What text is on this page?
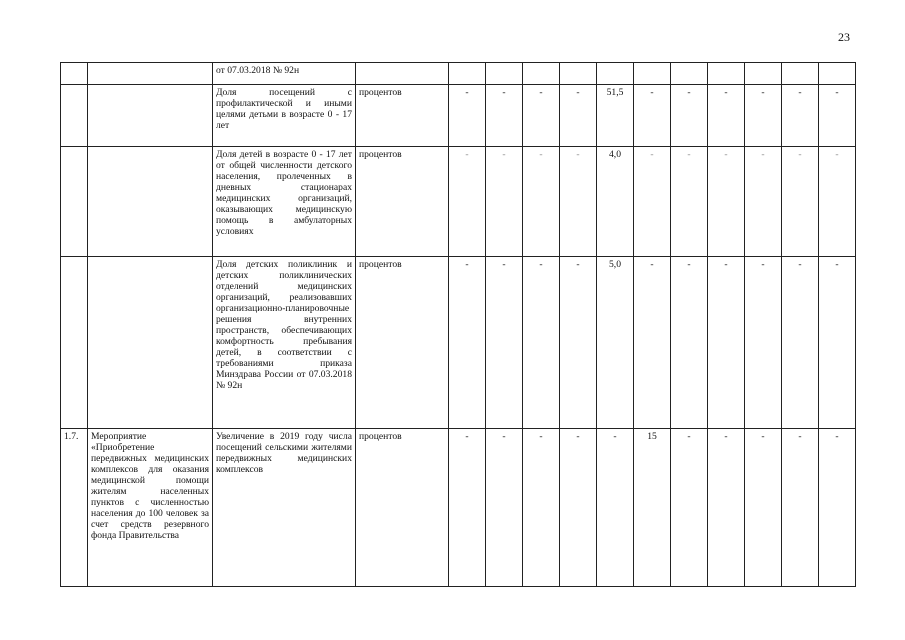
23
		от 07.03.2018 № 92н												
		Доля посещений с профилактической и иными целями детьми в возрасте 0 - 17 лет	процентов	-	-	-	-	51,5	-	-	-	-	-	-
		Доля детей в возрасте 0 - 17 лет от общей численности детского населения, пролеченных в дневных стационарах медицинских организаций, оказывающих медицинскую помощь в амбулаторных условиях	процентов	-	-	-	-	4,0	-	-	-	-	-	-
		Доля детских поликлиник и детских поликлинических отделений медицинских организаций, реализовавших организационно-планировочные решения внутренних пространств, обеспечивающих комфортность пребывания детей, в соответствии с требованиями приказа Минздрава России от 07.03.2018 № 92н	процентов	-	-	-	-	5,0	-	-	-	-	-	-
1.7.	Мероприятие «Приобретение передвижных медицинских комплексов для оказания медицинской помощи жителям населенных пунктов с численностью населения до 100 человек за счет средств резервного фонда Правительства	Увеличение в 2019 году числа посещений сельскими жителями передвижных медицинских комплексов	процентов	-	-	-	-	-	15	-	-	-	-	-
